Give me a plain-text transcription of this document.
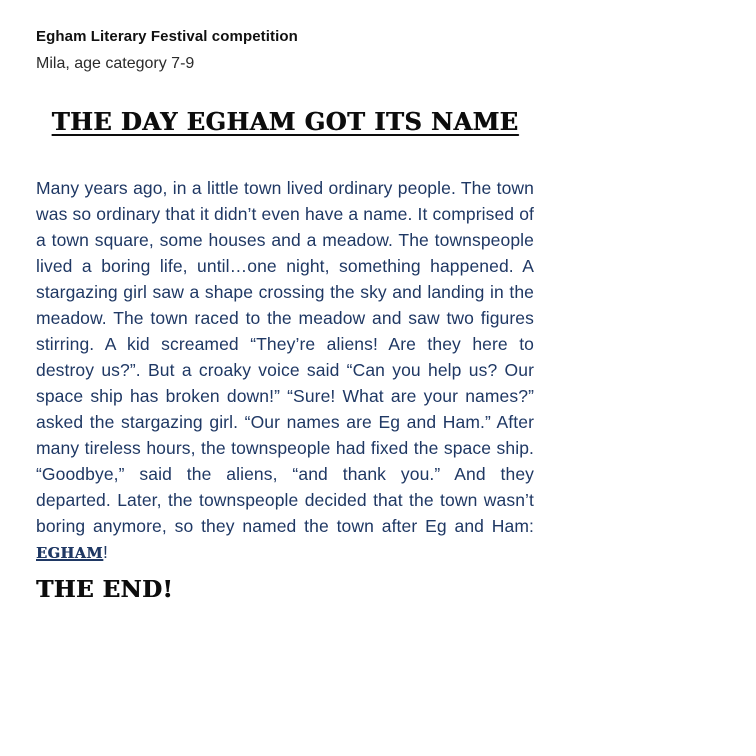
Egham Literary Festival competition

Mila, age category 7-9

THE DAY EGHAM GOT ITS NAME

Many years ago, in a little town lived ordinary people. The town was so ordinary that it didn’t even have a name. It comprised of a town square, some houses and a meadow. The townspeople lived a boring life, until…one night, something happened. A stargazing girl saw a shape crossing the sky and landing in the meadow. The town raced to the meadow and saw two figures stirring. A kid screamed “They’re aliens! Are they here to destroy us?”. But a croaky voice said “Can you help us? Our space ship has broken down!” “Sure! What are your names?” asked the stargazing girl. “Our names are Eg and Ham.” After many tireless hours, the townspeople had fixed the space ship. “Goodbye,” said the aliens, “and thank you.” And they departed. Later, the townspeople decided that the town wasn’t boring anymore, so they named the town after Eg and Ham: EGHAM!

THE END!
